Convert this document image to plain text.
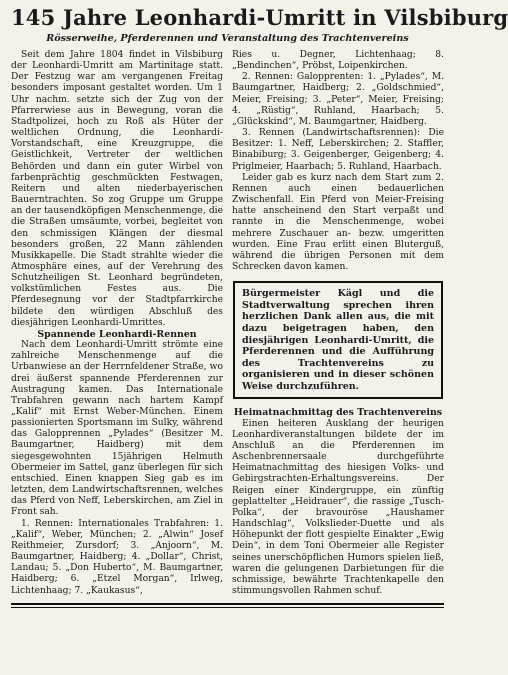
145 Jahre Leonhardi-Umritt in Vilsbiburg
Rösserweihe, Pferderennen und Veranstaltung des Trachtenvereins

Seit dem Jahre 1804 findet in Vilsbiburg der Leonhardi-Umritt am Martinitage statt. Der Festzug war am vergangenen Freitag besonders imposant gestaltet worden. Um 1 Uhr nachm. setzte sich der Zug von der Pfarrerwiese aus in Bewegung, voran die Stadtpolizei, hoch zu Roß als Hüter der weltlichen Ordnung, die Leonhardi-Vorstandschaft, eine Kreuzgruppe, die Geistlichkeit, Vertreter der weltlichen Behörden und dann ein guter Wirbel von farbenprächtig geschmückten Festwagen, Reitern und alten niederbayerischen Bauerntrachten. So zog Gruppe um Gruppe an der tausendköpfigen Menschenmenge, die die Straßen umsäumte, vorbei, begleitet von den schmissigen Klängen der diesmal besonders großen, 22 Mann zählenden Musikkapelle. Die Stadt strahlte wieder die Atmosphäre eines, auf der Verehrung des Schutzheiligen St. Leonhard begründeten, volkstümlichen Festes aus. Die Pferdesegnung vor der Stadtpfarrkirche bildete den würdigen Abschluß des diesjährigen Leonhardi-Umrittes.

Spannende Leonhardi-Rennen

Nach dem Leonhardi-Umritt strömte eine zahlreiche Menschenmenge auf die Urbanwiese an der Herrnfeldener Straße, wo drei äußerst spannende Pferderennen zur Austragung kamen. Das Internationale Trabfahren gewann nach hartem Kampf „Kalif“ mit Ernst Weber-München. Einem passionierten Sportsmann im Sulky, während das Galopprennen „Pylades“ (Besitzer M. Baumgartner, Haidberg) mit dem siegesgewohnten 15jährigen Helmuth Obermeier im Sattel, ganz überlegen für sich entschied. Einen knappen Sieg gab es im letzten, dem Landwirtschaftsrennen, welches das Pferd von Neff, Leberskirchen, am Ziel in Front sah.

1. Rennen: Internationales Trabfahren: 1. „Kalif“, Weber, München; 2. „Alwin“ Josef Reithmeier, Zursdorf; 3. „Anjoorn“, M. Baumgartner, Haidberg; 4. „Dollar“, Christ, Landau; 5. „Don Huberto“, M. Baumgartner, Haidberg; 6. „Etzel Morgan“, Irlweg, Lichtenhaag; 7. „Kaukasus“,

Ries u. Degner, Lichtenhaag; 8. „Bendinchen“, Pröbst, Loipenkirchen.

2. Rennen: Galopprenten: 1. „Pylades“, M. Baumgartner, Haidberg; 2. „Goldschmied“, Meier, Freising; 3. „Peter“, Meier, Freising; 4. „Rüstig“, Ruhland, Haarbach; 5. „Glückskind“, M. Baumgartner, Haidberg.

3. Rennen (Landwirtschaftsrennen): Die Besitzer: 1. Neff, Leberskirchen; 2. Staffler, Binabiburg; 3. Geigenberger, Geigenberg; 4. Priglmeier, Haarbach; 5. Ruhland, Haarbach.

Leider gab es kurz nach dem Start zum 2. Rennen auch einen bedauerlichen Zwischenfall. Ein Pferd von Meier-Freising hatte anscheinend den Start verpaßt und rannte in die Menschenmenge, wobei mehrere Zuschauer an- bezw. umgeritten wurden. Eine Frau erlitt einen Bluterguß, während die übrigen Personen mit dem Schrecken davon kamen.

Bürgermeister Kägl und die Stadtverwaltung sprechen ihren herzlichen Dank allen aus, die mit dazu beigetragen haben, den diesjährigen Leonhardi-Umritt, die Pferderennen und die Aufführung des Trachtenvereins zu organisieren und in dieser schönen Weise durchzuführen.

Heimatnachmittag des Trachtenvereins

Einen heiteren Ausklang der heurigen Leonhardiveranstaltungen bildete der im Anschluß an die Pferderennen im Aschenbrennersaale durchgeführte Heimatnachmittag des hiesigen Volks- und Gebirgstrachten-Erhaltungsvereins. Der Reigen einer Kindergruppe, ein zünftig geplattelter „Heidrauer“, die rassige „Tusch-Polka“, der bravouröse „Haushamer Handschlag“, Volkslieder-Duette und als Höhepunkt der flott gespielte Einakter „Ewig Dein“, in dem Toni Obermeier alle Register seines unerschöpflichen Humors spielen ließ, waren die gelungenen Darbietungen für die schmissige, bewährte Trachtenkapelle den stimmungsvollen Rahmen schuf.
